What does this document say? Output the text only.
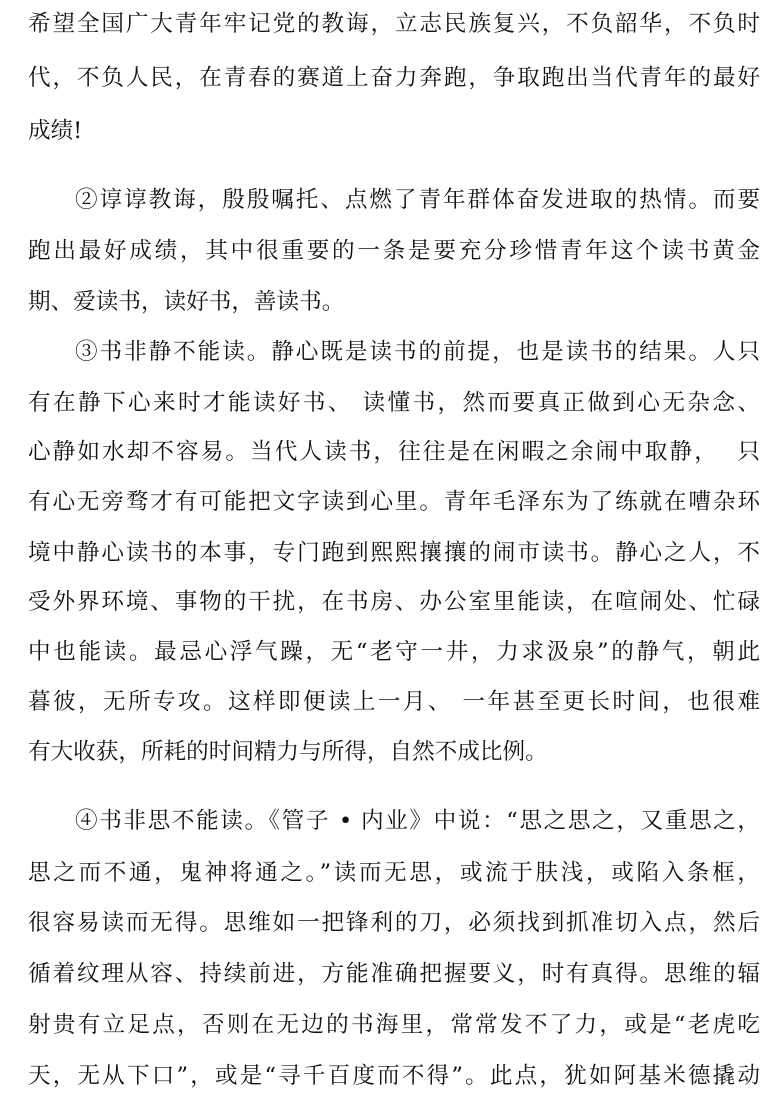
希望全国广大青年牢记党的教诲，立志民族复兴，不负韶华，不负时
代，不负人民，在青春的赛道上奋力奔跑，争取跑出当代青年的最好
成绩!
②谆谆教诲，殷殷嘱托、点燃了青年群体奋发进取的热情。而要
跑出最好成绩，其中很重要的一条是要充分珍惜青年这个读书黄金
期、爱读书，读好书，善读书。
③书非静不能读。静心既是读书的前提，也是读书的结果。人只
有在静下心来时才能读好书、 读懂书，然而要真正做到心无杂念、
心静如水却不容易。当代人读书，往往是在闲暇之余闹中取静，  只
有心无旁骛才有可能把文字读到心里。青年毛泽东为了练就在嘈杂环
境中静心读书的本事，专门跑到熙熙攘攘的闹市读书。静心之人，不
受外界环境、事物的干扰，在书房、办公室里能读，在喧闹处、忙碌
中也能读。最忌心浮气躁，无“老守一井，力求汲泉”的静气，朝此
暮彼，无所专攻。这样即便读上一月、 一年甚至更长时间，也很难
有大收获，所耗的时间精力与所得，自然不成比例。
④书非思不能读。《管子 • 内业》中说：“思之思之，又重思之，
思之而不通，鬼神将通之。”读而无思，或流于肤浅，或陷入条框，
很容易读而无得。思维如一把锋利的刀，必须找到抓准切入点，然后
循着纹理从容、持续前进，方能准确把握要义，时有真得。思维的辐
射贵有立足点，否则在无边的书海里，常常发不了力，或是“老虎吃
天，无从下口”，或是“寻千百度而不得”。此点，犹如阿基米德撬动
